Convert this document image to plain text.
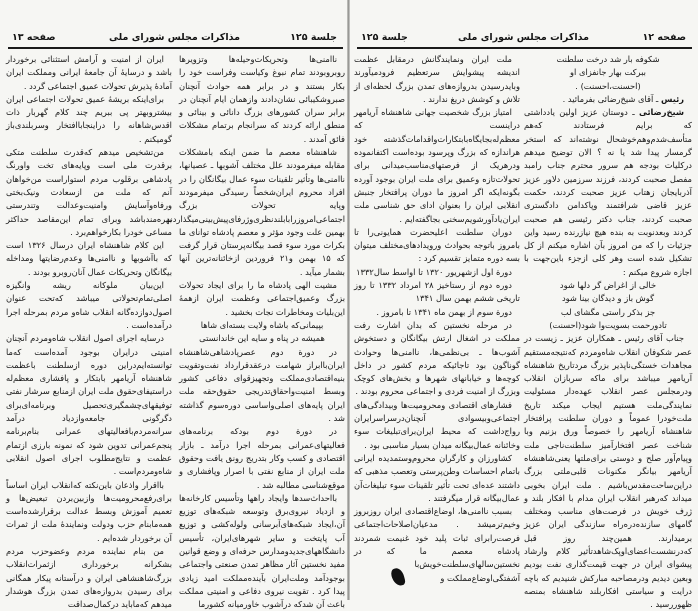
جلسة ۱۲۵
مذاکرات مجلس شورای ملی
صفحه ۱۳

ناامنی‌ها وتحریکات‌وحیله‌ها وتزویرها روبروبودند تمام نبوغ وکیاست وفراست خود را بکار بستند و در برابر همه حوادث آنچنان صبروشکیبائی نشان‌دادند وازهمان ایام آنچنان در برابر سران کشورهای بزرگ دانائی و بینائی و منطق ارائه کردند که سرانجام برتمام مشکلات فائق آمدند .

شاهنشاه معصم ما ضمن اینکه بامشکلات مقابله میفرمودند علل مختلف آشوبها ـ عصیانها، ناامنی‌ها وتأثیر تلقینات سوء عمال بیگانگان را در افراد محروم ایران‌شخصاً رسیدگی میفرمودند وپایه تحولات بزرگ اجتماعی‌امروزرابابلندنظری‌وژرفای‌پیش‌بینی‌میگذاردند بهمین علت وجود مؤثر و معصم پادشاه توانای ما بکرات مورد سوء قصد بیگانه‌پرستان قرار گرفت که ۱۵ بهمن و۲۱ فروردین ازخائنانه‌ترین آنها بشمار میآید .

مشیت الهی پادشاه ما را برای ایجاد تحولات بزرگ وعمیق‌اجتماعی وعظمت ایران ازهمهٔ این‌بلیات ومخاطرات نجات بخشید .

بپیمانی‌که باشاه ولایت بسته‌ای شاها

همیشه در پناه و سایه این خاندانستی

در دورة دوم عصرپادشاهی‌شاهنشاه ایران‌باابراز شهامت درعقدقرارداد نفت‌وتقویت بنیه‌اقتصادی‌مملکت وتجهیزقوای دفاعی کشور وبسط امنیت‌واحقاق‌تدریجی حقوق‌حقه ملت ایران پایه‌های اصلی‌واساسی دوره‌سوم گذاشته شد .

در دورة دوم بودکه برنامه‌های فعالیتهای‌عمرانی بمرحله اجرا درآمد ـ بازار اقتصادی و کسب وکار بتدریج رونق یافت وحقوق ملت ایران از منابع نفتی با اصرار وپافشاری و موقع‌شناسی مطالبه شد .

بااحداث‌سدها وایجاد راهها وتأسیس کارخانه‌ها و ازدیاد نیروی‌برق وتوسعه شبکه‌های توزیع آن،ایجاد شبکه‌های‌آبرسانی ولوله‌کشی و توزیع آب پایتخت و سایر شهرهای‌ایران، تأسیس دانشگاههای‌جدیدومدارس حرفه‌ای و وضع قوانین مفید نخستین آثار مظاهر تمدن صنعتی واجتماعی بوجودآمد وملت‌ایران بآینده‌مملکت امید زیادی پیدا کرد . تقویت نیروی دفاعی و امنیتی مملکت باعث آن شدکه درآشوب خاورمیانه کشورما

ایران از امنیت و آرامش استثنائی برخوردار باشد و درسایهٔ آن جامعهٔ ایرانی ومملکت ایران آمادهٔ پذیرش تحولات عمیق اجتماعی گردد .

برای‌اینکه بریشهٔ عمیق تحولات اجتماعی ایران بیشتروبهتر پی ببریم چند کلام گهربار ذات اقدس‌شاهانه را دراینجابا‌افتخار وسربلندی‌باز گومیکنم .

من‌تشخیص میدهم که‌قدرت سلطنت متکی برقدرت ملی است وپایه‌های تخت واورنگ پادشاهی برقلوب مردم استواراست من‌خواهان آنم که ملت من ازسعادت ونیک‌بختی ورفاه‌وآسایش وامنیت‌وعدالت وتندرستی بهره‌مندباشد وبرای تمام این‌مقاصد حداکثر مساعی خودرا بکارخواهم‌برد .

این کلام شاهنشاه ایران درسال ۱۳۲۶ است که باآشوبها و ناامنی‌ها وعدم‌رضایتها ومداخله بیگانگان وتحریکات عمال آنان‌روبرو بودند .

این‌بیان ملوکانه ریشه وانگیزه اصلی‌تمام‌تحولاتی میباشد که‌تحت عنوان اصول‌دوازده‌گانه انقلاب شاه‌و مردم بمرحله اجرا درآمده‌است .

درسایه اجرای اصول انقلاب شاه‌ومردم آنچنان امنیتی درایران بوجود آمده‌است که‌ما توانسته‌ایم‌دراین دوره ازسلطنت باعظمت شاهنشاه آریامهر بابتکار و پافشاری معظم‌له دراستیفای‌حقوق ملت ایران ازمنابع سرشار نفتی توفیقهای‌چشمگیری‌تحصیل وبرنامه‌ای‌برای دگرگونی جامعه‌وازدیاد درآمد سرانه‌مردم‌بافعالیتهای عمرانی بنام‌برنامه پنجم‌عمرانی تدوین شود که نمونه بارزی ازتمام عظمت و نتایج‌مطلوب اجرای اصول انقلابی شاه‌ومردم‌است .

بااقرار واذعان باین‌نکته که‌انقلاب ایران اساساً برای‌رفع‌محرومیت‌ها وازبین‌بردن تبعیض‌ها و تعمیم آموزش وبسط عدالت برقرارشده‌است همه‌مابنام حزب ودولت ونمایندهٔ ملت از ثمرات آن برخوردار شده‌ایم .

من بنام نماینده مردم وعضوحزب مردم بشکرانه برخورداری ازثمرات‌انقلاب بزرگ‌شاهنشاهی ایران و درآستانه پیکار همگانی برای رسیدن بدروازه‌های تمدن بزرگ هوشدار میدهم که‌ماباید درکمال‌صداقت

صفحه ۱۲
مذاکرات مجلس شورای ملی
جلسة ۱۲۵

شکوفه بار شد درخت سلطنت

ببرکت بهار جانفزای او

(احسنت،احسنت) .

رئیس ـ آقای شیخ‌رضائی بفرمائید .

شیخ‌رضائی ـ دوستان عزیز اولین یادداشتی که برایم فرستادند که‌هم متأسف‌شدم‌وهم‌خوشحال نوشته‌اند که استخر گرمسار پیدا شد یا نه ؟ الان توضیح میدهم درکلیات بودجه هم سرور محترم جناب رامبد مفصل صحبت کردند، فرزند سرزمین دلاور عزیز آذربایجان زهتاب عزیز صحبت کردند، حکمت عزیز قاضی شرافتمند وپاکدامن دادگستری صحبت کردند، جناب دکتر رئیسی هم صحبت کردند وبعدنوبت به بنده هیچ نیازرنده رسید واین جزئیات را که من امروز بآن اشاره میکنم از کل تشکیل شده است وهر کلی ازجزء باین‌جهت با اجازه شروع میکنم :

خالی از اغراض گر دلها شود

گوش باز و دیدگان بینا شود

جز بذکر راستی مگشای لب

تادورحمت بسویت‌وا شود(احسنت)

جناب آقای رئیس ـ همکاران عزیز ـ زیست در عصر شکوفان انقلاب شاه‌ومردم که‌نتیجه‌مستقیم مجاهدات خستگی‌ناپذیر بزرگ مردتاریخ شاهنشاه آریامهر میباشد برای ماکه سربازان انقلاب ودرمجلس عصر انقلاب عهده‌دار مسئولیت نمایندگی‌ملت هستیم ایجاب میکند تاریخ ملت‌خودرا عموماً و دوران سلطنت پرافتخار شاهنشاه آریامهر را خصوصاً ورق بزنیم وبا شناخت عصر افتخارآمیز سلطنت‌ناجی ملت وپیام‌آور صلح و دوستی برای‌ملتها یعنی‌شاهنشاه آریامهر بیانگر مکنونات قلبی‌ملتی بزرگ دراین‌ساحت‌مقدس‌باشیم . ملت ایران بخوبی میداند که‌رهبر انقلاب ایران مدام با افکار بلند و ژرف خویش در فرصت‌های مناسب ومختلف گامهای سازنده‌دره‌راه سازندگی ایران عزیز برمیدارند. همین‌چند روز قبل که‌درنشست‌اعضای‌اوپک‌شاهدتأثیر کلام وارشاد پیشوای ایران در جهت قیمت‌گذاری نفت بودیم وبعین دیدیم ودرمصاحبه مبارکش شنیدیم که باچه درایت و سیاستی افکاربلند شاهنشاه بمنصه ظهوررسید .

ملت ایران ونمایندگانش درمقابل عظمت اندیشه پیشوایش سرتعظیم فرودمیآورند وبایدرسیدن بدروازه‌های تمدن بزرگ لحظه‌ای از تلاش و کوشش دریغ ندارند .

امتیاز بزرگ شخصیت جهانی شاهنشاه آریامهر دراینست که معظم‌له‌بجایگاه‌بابتکارات‌واقدامات‌گذشته خود هراندازه که بزرگ وپرسود بوده‌است اکتفانموده ودرهریک از فرصتهای‌مناسب‌میدانی برای تحولات‌تازه وعمیق برای ملت ایران بوجود آورده بگونه‌ایکه اگر امروز ما دوران پرافتخار جنبش انقلابی ایران را بعنوان ادای حق شناسی ملت ایران‌یادآورشویم‌سخنی بجاگفته‌ایم .

دوران سلطنت اعلیحضرت همایونی‌را تا بامروز باتوجه بحوادث ورویدادهای‌مختلف میتوان بسه دوره متمایز تقسیم کرد :

دورة اول ازشهریور ۱۳۲۰ تا اواسط سال۱۳۳۲

دوره دوم از رستاخیز ۲۸ امرداد ۱۳۳۲ تا روز تاریخی ششم بهمن سال ۱۳۴۱

دورة سوم از بهمن ماه ۱۳۴۱ تا بامروز .

در مرحله نخستین که بدان اشارت رفت مملکت در اشغال ارتش بیگانگان و دستخوش آشوب‌ها ـ بی‌نظمی‌ها، ناامنی‌ها وحوادث گوناگون بود تاجائیکه مردم کشور در داخل کوچه‌ها و خیابانهای شهرها و بخش‌های کوچک وبزرگ از امنیت فردی و اجتماعی محروم بودند .

فشارهای اقتصادی ومحرومیت‌ها وبیدادگی‌های اجتماعی‌وبیسوادی آنچنان‌درسراسرایران رواج‌داشت که محیط ایران‌برای‌تبلیغات سوء وخائنانه عمال‌بیگانه میدان بسیار مناسبی بود .

کشاورزان و کارگران محروم‌وستمدیده ایرانی باتمام احساسات وطن‌پرستی وتعصب مذهبی که داشتند عده‌ای تحت تأثیر تلقینات سوء تبلیغات‌آن عمال‌بیگانه قرار میگرفتند .

بسبب ناامنی‌ها، اوضاع‌اقتصادی ایران روزبروز وخیم‌ترمیشد . مدعیان‌اصلاحات‌اجتماعی فرصت‌رابرای ثبات پلید خود غنیمت شمردند پادشاه معصم ما که در نخستین‌سالهای‌سلطنت‌خویش‌با آشفتگی‌اوضاع‌مملکت و
